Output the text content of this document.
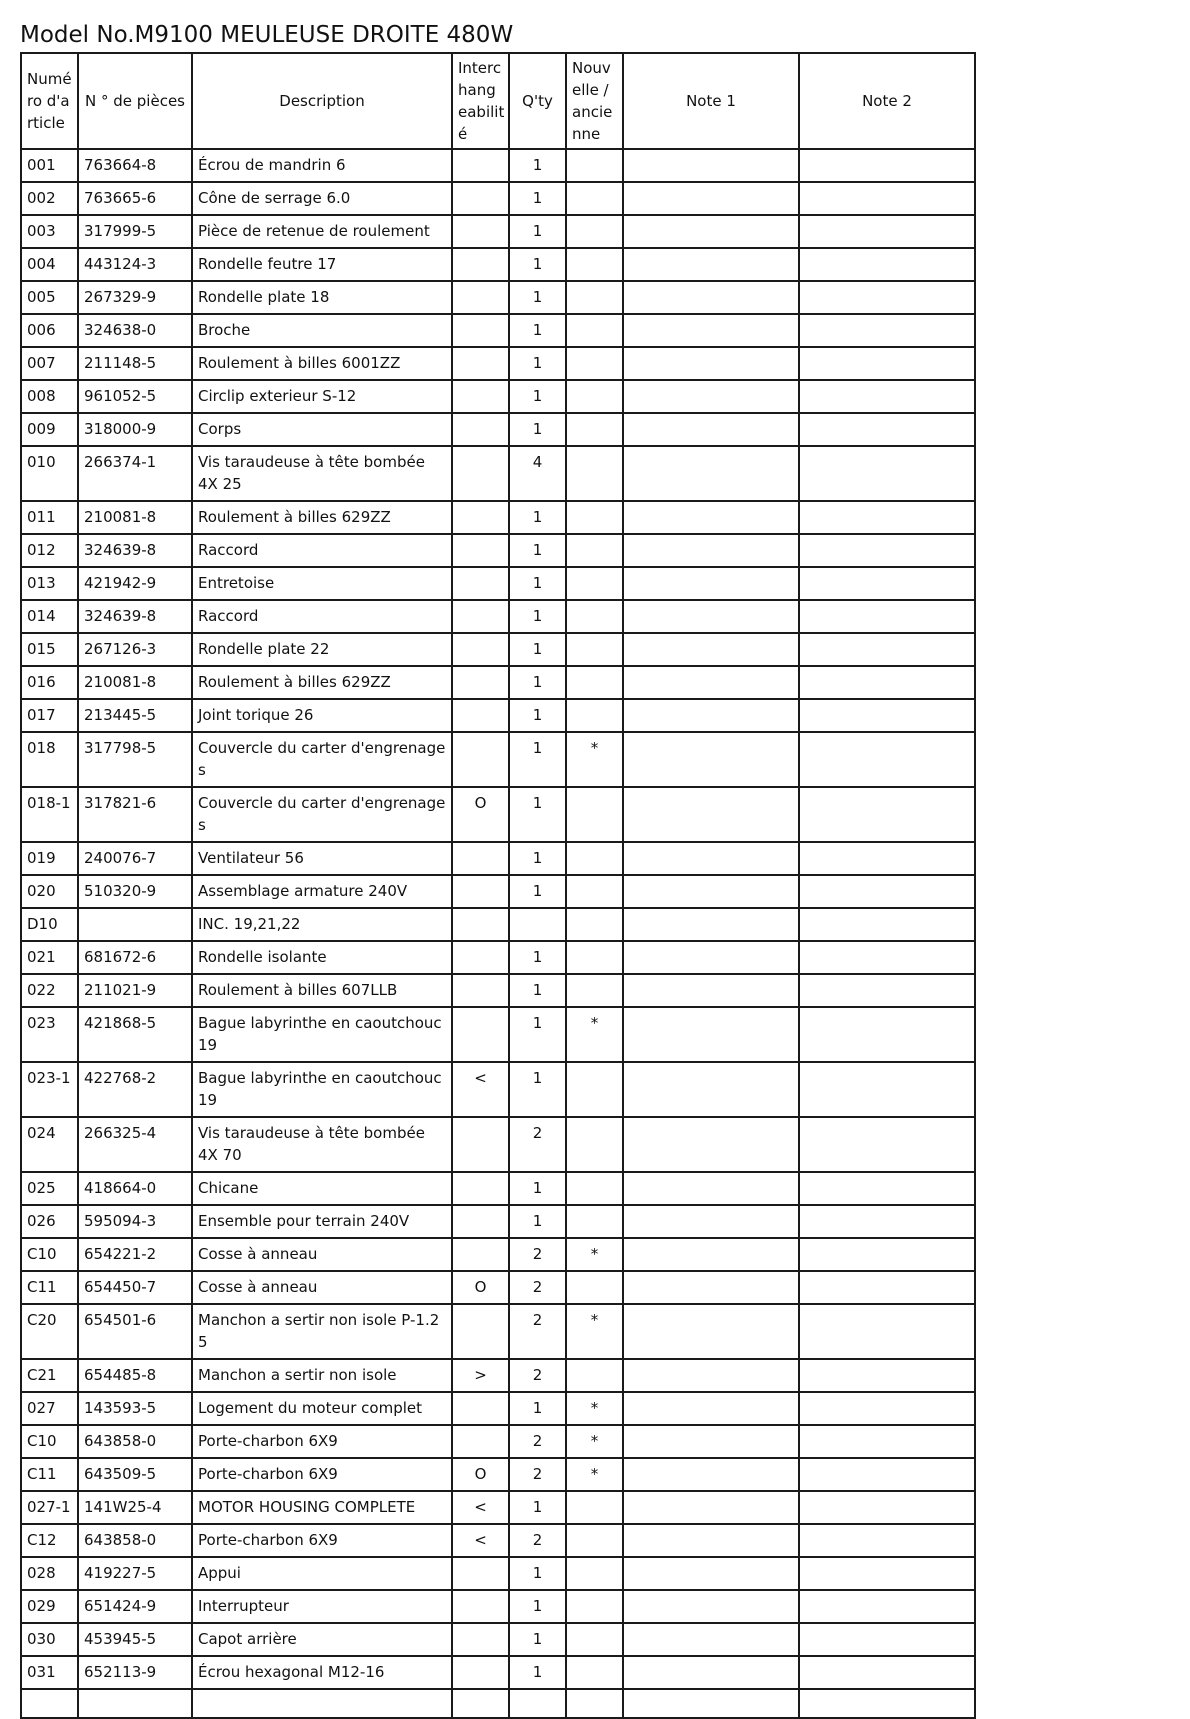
Model No.M9100 MEULEUSE DROITE 480W
Numé ro d'a rticle	N ° de pièces	Description	Interc hang eabilit é	Q'ty	Nouv elle / ancie nne	Note 1	Note 2
001	763664-8	Écrou de mandrin 6		1			
002	763665-6	Cône de serrage 6.0		1			
003	317999-5	Pièce de retenue de roulement		1			
004	443124-3	Rondelle feutre 17		1			
005	267329-9	Rondelle plate 18		1			
006	324638-0	Broche		1			
007	211148-5	Roulement à billes 6001ZZ		1			
008	961052-5	Circlip exterieur S-12		1			
009	318000-9	Corps		1			
010	266374-1	Vis taraudeuse à tête bombée 4X 25		4			
011	210081-8	Roulement à billes 629ZZ		1			
012	324639-8	Raccord		1			
013	421942-9	Entretoise		1			
014	324639-8	Raccord		1			
015	267126-3	Rondelle plate 22		1			
016	210081-8	Roulement à billes 629ZZ		1			
017	213445-5	Joint torique 26		1			
018	317798-5	Couvercle du carter d'engrenage s		1	*		
018-1	317821-6	Couvercle du carter d'engrenage s	O	1			
019	240076-7	Ventilateur 56		1			
020	510320-9	Assemblage armature 240V		1			
D10		INC. 19,21,22					
021	681672-6	Rondelle isolante		1			
022	211021-9	Roulement à billes 607LLB		1			
023	421868-5	Bague labyrinthe en caoutchouc 19		1	*		
023-1	422768-2	Bague labyrinthe en caoutchouc 19	<	1			
024	266325-4	Vis taraudeuse à tête bombée 4X 70		2			
025	418664-0	Chicane		1			
026	595094-3	Ensemble pour terrain 240V		1			
C10	654221-2	Cosse à anneau		2	*		
C11	654450-7	Cosse à anneau	O	2			
C20	654501-6	Manchon a sertir non isole P-1.2 5		2	*		
C21	654485-8	Manchon a sertir non isole	>	2			
027	143593-5	Logement du moteur complet		1	*		
C10	643858-0	Porte-charbon 6X9		2	*		
C11	643509-5	Porte-charbon 6X9	O	2	*		
027-1	141W25-4	MOTOR HOUSING COMPLETE	<	1			
C12	643858-0	Porte-charbon 6X9	<	2			
028	419227-5	Appui		1			
029	651424-9	Interrupteur		1			
030	453945-5	Capot arrière		1			
031	652113-9	Écrou hexagonal M12-16		1			
